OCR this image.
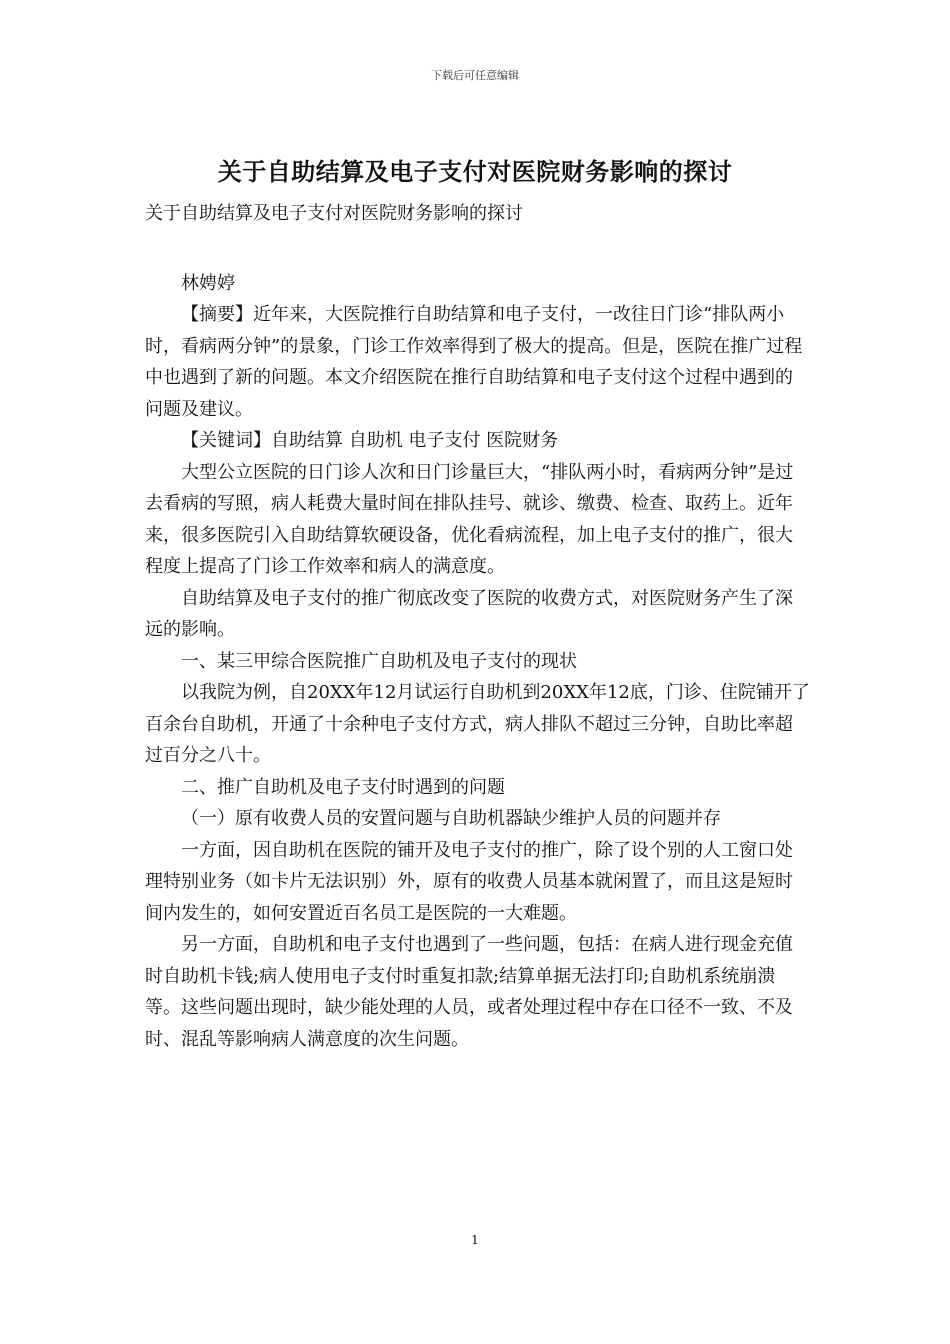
下载后可任意编辑
关于自助结算及电子支付对医院财务影响的探讨

关于自助结算及电子支付对医院财务影响的探讨

林娉婷

【摘要】近年来，大医院推行自助结算和电子支付，一改往日门诊“排队两小时，看病两分钟”的景象，门诊工作效率得到了极大的提高。但是，医院在推广过程中也遇到了新的问题。本文介绍医院在推行自助结算和电子支付这个过程中遇到的问题及建议。

【关键词】自助结算 自助机 电子支付 医院财务

大型公立医院的日门诊人次和日门诊量巨大，“排队两小时，看病两分钟”是过去看病的写照，病人耗费大量时间在排队挂号、就诊、缴费、检查、取药上。近年来，很多医院引入自助结算软硬设备，优化看病流程，加上电子支付的推广，很大程度上提高了门诊工作效率和病人的满意度。

自助结算及电子支付的推广彻底改变了医院的收费方式，对医院财务产生了深远的影响。

一、某三甲综合医院推广自助机及电子支付的现状

以我院为例，自20XX年12月试运行自助机到20XX年12底，门诊、住院铺开了百余台自助机，开通了十余种电子支付方式，病人排队不超过三分钟，自助比率超过百分之八十。

二、推广自助机及电子支付时遇到的问题

（一）原有收费人员的安置问题与自助机器缺少维护人员的问题并存

一方面，因自助机在医院的铺开及电子支付的推广，除了设个别的人工窗口处理特别业务（如卡片无法识别）外，原有的收费人员基本就闲置了，而且这是短时间内发生的，如何安置近百名员工是医院的一大难题。

另一方面，自助机和电子支付也遇到了一些问题，包括：在病人进行现金充值时自助机卡钱;病人使用电子支付时重复扣款;结算单据无法打印;自助机系统崩溃等。这些问题出现时，缺少能处理的人员，或者处理过程中存在口径不一致、不及时、混乱等影响病人满意度的次生问题。

1
